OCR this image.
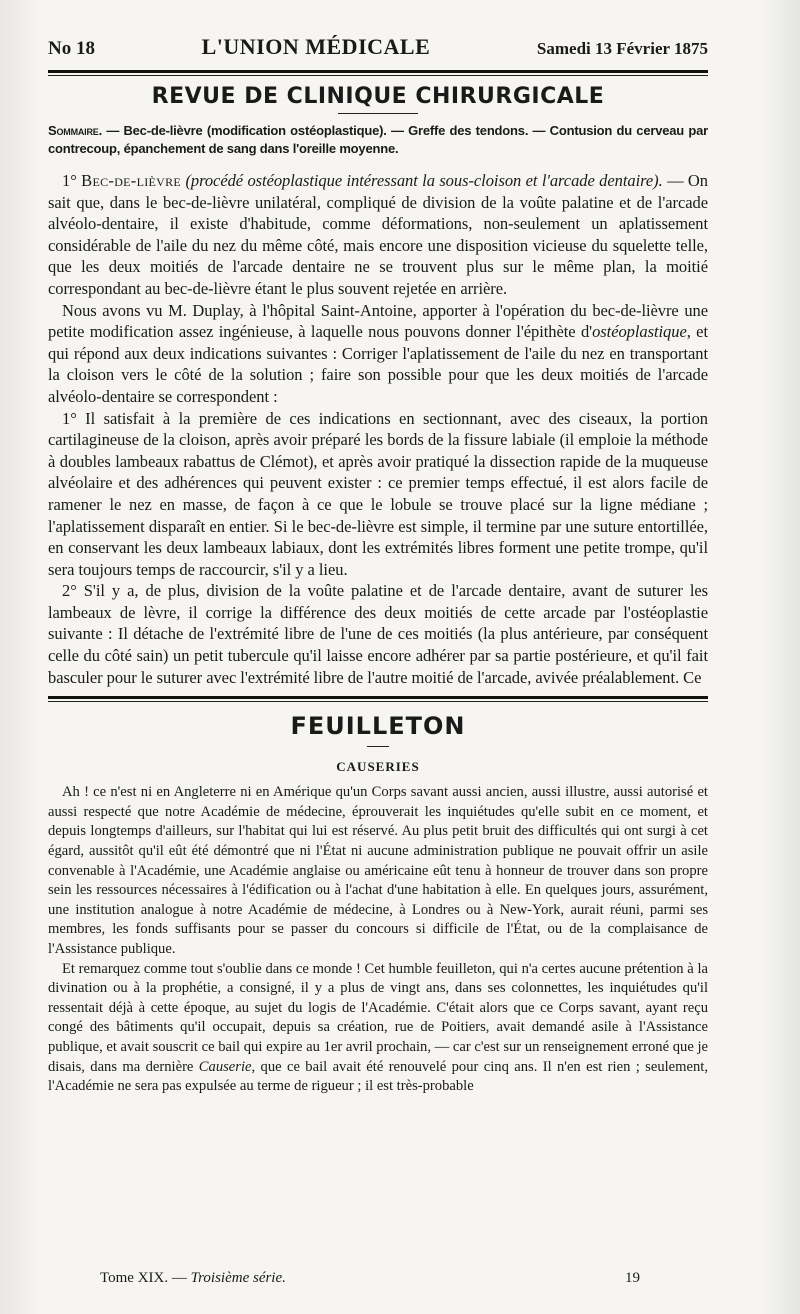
No 18	L'UNION MÉDICALE	Samedi 13 Février 1875
REVUE DE CLINIQUE CHIRURGICALE
Sommaire. — Bec-de-lièvre (modification ostéoplastique). — Greffe des tendons. — Contusion du cerveau par contrecoup, épanchement de sang dans l'oreille moyenne.

1° Bec-de-lièvre (procédé ostéoplastique intéressant la sous-cloison et l'arcade dentaire). — On sait que, dans le bec-de-lièvre unilatéral, compliqué de division de la voûte palatine et de l'arcade alvéolo-dentaire, il existe d'habitude, comme déformations, non-seulement un aplatissement considérable de l'aile du nez du même côté, mais encore une disposition vicieuse du squelette telle, que les deux moitiés de l'arcade dentaire ne se trouvent plus sur le même plan, la moitié correspondant au bec-de-lièvre étant le plus souvent rejetée en arrière.

Nous avons vu M. Duplay, à l'hôpital Saint-Antoine, apporter à l'opération du bec-de-lièvre une petite modification assez ingénieuse, à laquelle nous pouvons donner l'épithète d'ostéoplastique, et qui répond aux deux indications suivantes : Corriger l'aplatissement de l'aile du nez en transportant la cloison vers le côté de la solution ; faire son possible pour que les deux moitiés de l'arcade alvéolo-dentaire se correspondent :

1° Il satisfait à la première de ces indications en sectionnant, avec des ciseaux, la portion cartilagineuse de la cloison, après avoir préparé les bords de la fissure labiale (il emploie la méthode à doubles lambeaux rabattus de Clémot), et après avoir pratiqué la dissection rapide de la muqueuse alvéolaire et des adhérences qui peuvent exister : ce premier temps effectué, il est alors facile de ramener le nez en masse, de façon à ce que le lobule se trouve placé sur la ligne médiane ; l'aplatissement disparaît en entier. Si le bec-de-lièvre est simple, il termine par une suture entortillée, en conservant les deux lambeaux labiaux, dont les extrémités libres forment une petite trompe, qu'il sera toujours temps de raccourcir, s'il y a lieu.

2° S'il y a, de plus, division de la voûte palatine et de l'arcade dentaire, avant de suturer les lambeaux de lèvre, il corrige la différence des deux moitiés de cette arcade par l'ostéoplastie suivante : Il détache de l'extrémité libre de l'une de ces moitiés (la plus antérieure, par conséquent celle du côté sain) un petit tubercule qu'il laisse encore adhérer par sa partie postérieure, et qu'il fait basculer pour le suturer avec l'extrémité libre de l'autre moitié de l'arcade, avivée préalablement. Ce

FEUILLETON
CAUSERIES

Ah ! ce n'est ni en Angleterre ni en Amérique qu'un Corps savant aussi ancien, aussi illustre, aussi autorisé et aussi respecté que notre Académie de médecine, éprouverait les inquiétudes qu'elle subit en ce moment, et depuis longtemps d'ailleurs, sur l'habitat qui lui est réservé. Au plus petit bruit des difficultés qui ont surgi à cet égard, aussitôt qu'il eût été démontré que ni l'État ni aucune administration publique ne pouvait offrir un asile convenable à l'Académie, une Académie anglaise ou américaine eût tenu à honneur de trouver dans son propre sein les ressources nécessaires à l'édification ou à l'achat d'une habitation à elle. En quelques jours, assurément, une institution analogue à notre Académie de médecine, à Londres ou à New-York, aurait réuni, parmi ses membres, les fonds suffisants pour se passer du concours si difficile de l'État, ou de la complaisance de l'Assistance publique.

Et remarquez comme tout s'oublie dans ce monde ! Cet humble feuilleton, qui n'a certes aucune prétention à la divination ou à la prophétie, a consigné, il y a plus de vingt ans, dans ses colonnettes, les inquiétudes qu'il ressentait déjà à cette époque, au sujet du logis de l'Académie. C'était alors que ce Corps savant, ayant reçu congé des bâtiments qu'il occupait, depuis sa création, rue de Poitiers, avait demandé asile à l'Assistance publique, et avait souscrit ce bail qui expire au 1er avril prochain, — car c'est sur un renseignement erroné que je disais, dans ma dernière Causerie, que ce bail avait été renouvelé pour cinq ans. Il n'en est rien ; seulement, l'Académie ne sera pas expulsée au terme de rigueur ; il est très-probable

Tome XIX. — Troisième série.	19
